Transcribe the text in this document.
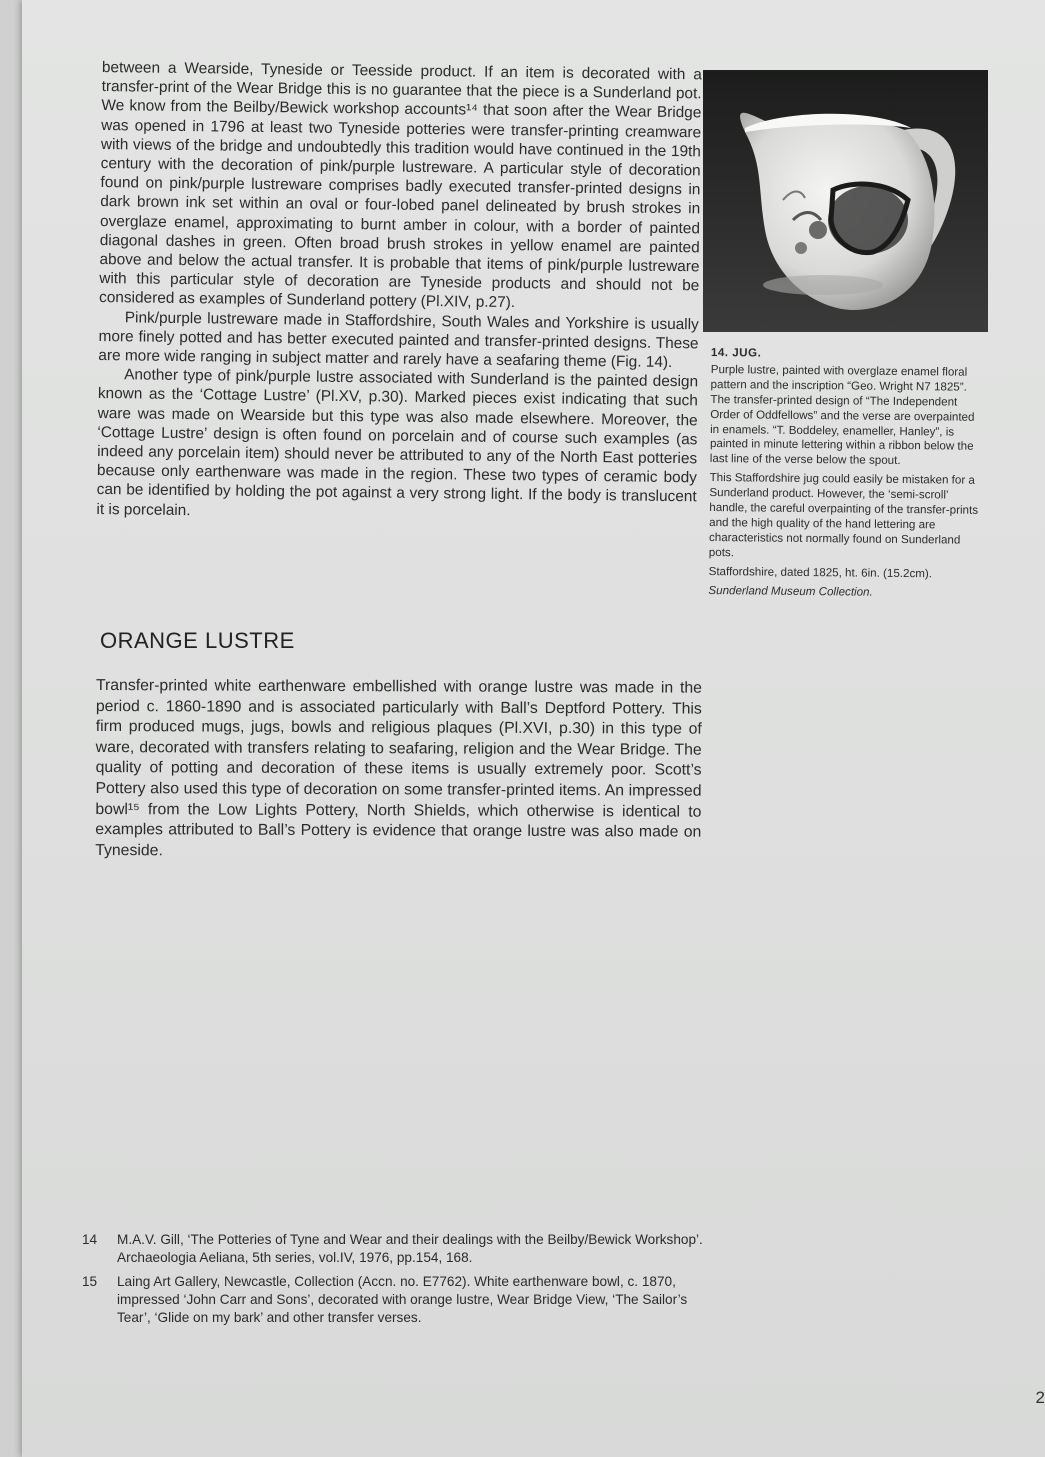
between a Wearside, Tyneside or Teesside product. If an item is decorated with a transfer-print of the Wear Bridge this is no guarantee that the piece is a Sunderland pot. We know from the Beilby/Bewick workshop accounts¹⁴ that soon after the Wear Bridge was opened in 1796 at least two Tyneside potteries were transfer-printing creamware with views of the bridge and undoubtedly this tradition would have continued in the 19th century with the decoration of pink/purple lustreware. A particular style of decoration found on pink/purple lustreware comprises badly executed transfer-printed designs in dark brown ink set within an oval or four-lobed panel delineated by brush strokes in overglaze enamel, approximating to burnt amber in colour, with a border of painted diagonal dashes in green. Often broad brush strokes in yellow enamel are painted above and below the actual transfer. It is probable that items of pink/purple lustreware with this particular style of decoration are Tyneside products and should not be considered as examples of Sunderland pottery (Pl.XIV, p.27).

Pink/purple lustreware made in Staffordshire, South Wales and Yorkshire is usually more finely potted and has better executed painted and transfer-printed designs. These are more wide ranging in subject matter and rarely have a seafaring theme (Fig. 14).

Another type of pink/purple lustre associated with Sunderland is the painted design known as the ‘Cottage Lustre’ (Pl.XV, p.30). Marked pieces exist indicating that such ware was made on Wearside but this type was also made elsewhere. Moreover, the ‘Cottage Lustre’ design is often found on porcelain and of course such examples (as indeed any porcelain item) should never be attributed to any of the North East potteries because only earthenware was made in the region. These two types of ceramic body can be identified by holding the pot against a very strong light. If the body is translucent it is porcelain.

ORANGE LUSTRE

Transfer-printed white earthenware embellished with orange lustre was made in the period c. 1860-1890 and is associated particularly with Ball’s Deptford Pottery. This firm produced mugs, jugs, bowls and religious plaques (Pl.XVI, p.30) in this type of ware, decorated with transfers relating to seafaring, religion and the Wear Bridge. The quality of potting and decoration of these items is usually extremely poor. Scott’s Pottery also used this type of decoration on some transfer-printed items. An impressed bowl¹⁵ from the Low Lights Pottery, North Shields, which otherwise is identical to examples attributed to Ball’s Pottery is evidence that orange lustre was also made on Tyneside.

14. JUG.

Purple lustre, painted with overglaze enamel floral pattern and the inscription “Geo. Wright N7 1825”. The transfer-printed design of “The Independent Order of Oddfellows” and the verse are overpainted in enamels. “T. Boddeley, enameller, Hanley”, is painted in minute lettering within a ribbon below the last line of the verse below the spout.

This Staffordshire jug could easily be mistaken for a Sunderland product. However, the ‘semi-scroll’ handle, the careful overpainting of the transfer-prints and the high quality of the hand lettering are characteristics not normally found on Sunderland pots.

Staffordshire, dated 1825, ht. 6in. (15.2cm).

Sunderland Museum Collection.

14	M.A.V. Gill, ‘The Potteries of Tyne and Wear and their dealings with the Beilby/Bewick Workshop’. Archaeologia Aeliana, 5th series, vol.IV, 1976, pp.154, 168.
15	Laing Art Gallery, Newcastle, Collection (Accn. no. E7762). White earthenware bowl, c. 1870, impressed ‘John Carr and Sons’, decorated with orange lustre, Wear Bridge View, ‘The Sailor’s Tear’, ‘Glide on my bark’ and other transfer verses.
2
